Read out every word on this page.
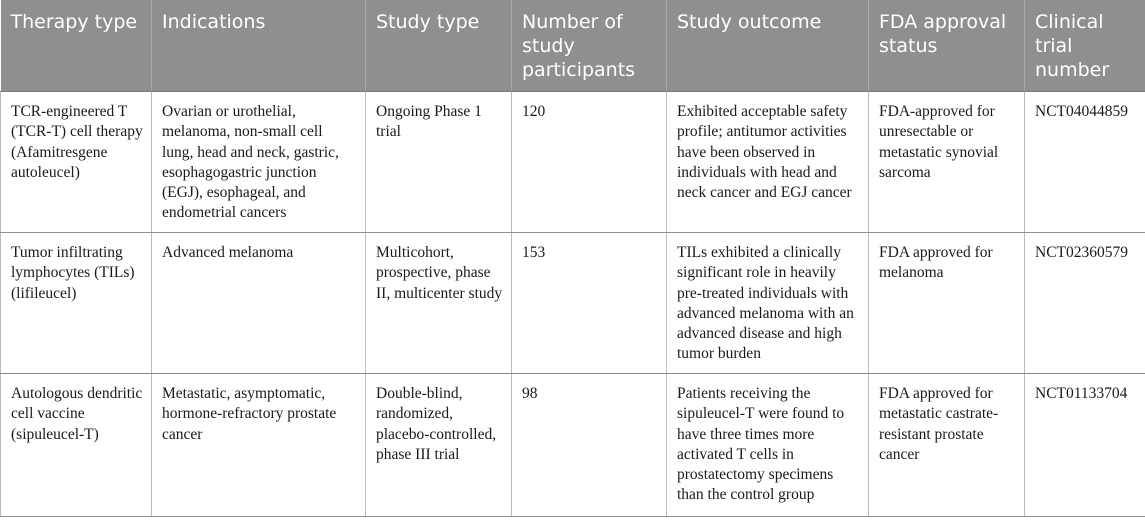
Therapy type	Indications	Study type	Number of study participants	Study outcome	FDA approval status	Clinical trial number
TCR-engineered T (TCR-T) cell therapy (Afamitresgene autoleucel)	Ovarian or urothelial, melanoma, non-small cell lung, head and neck, gastric, esophagogastric junction (EGJ), esophageal, and endometrial cancers	Ongoing Phase 1 trial	120	Exhibited acceptable safety profile; antitumor activities have been observed in individuals with head and neck cancer and EGJ cancer	FDA-approved for unresectable or metastatic synovial sarcoma	NCT04044859
Tumor infiltrating lymphocytes (TILs) (lifileucel)	Advanced melanoma	Multicohort, prospective, phase II, multicenter study	153	TILs exhibited a clinically significant role in heavily pre-treated individuals with advanced melanoma with an advanced disease and high tumor burden	FDA approved for melanoma	NCT02360579
Autologous dendritic cell vaccine (sipuleucel-T)	Metastatic, asymptomatic, hormone-refractory prostate cancer	Double-blind, randomized, placebo-controlled, phase III trial	98	Patients receiving the sipuleucel-T were found to have three times more activated T cells in prostatectomy specimens than the control group	FDA approved for metastatic castrate-resistant prostate cancer	NCT01133704
